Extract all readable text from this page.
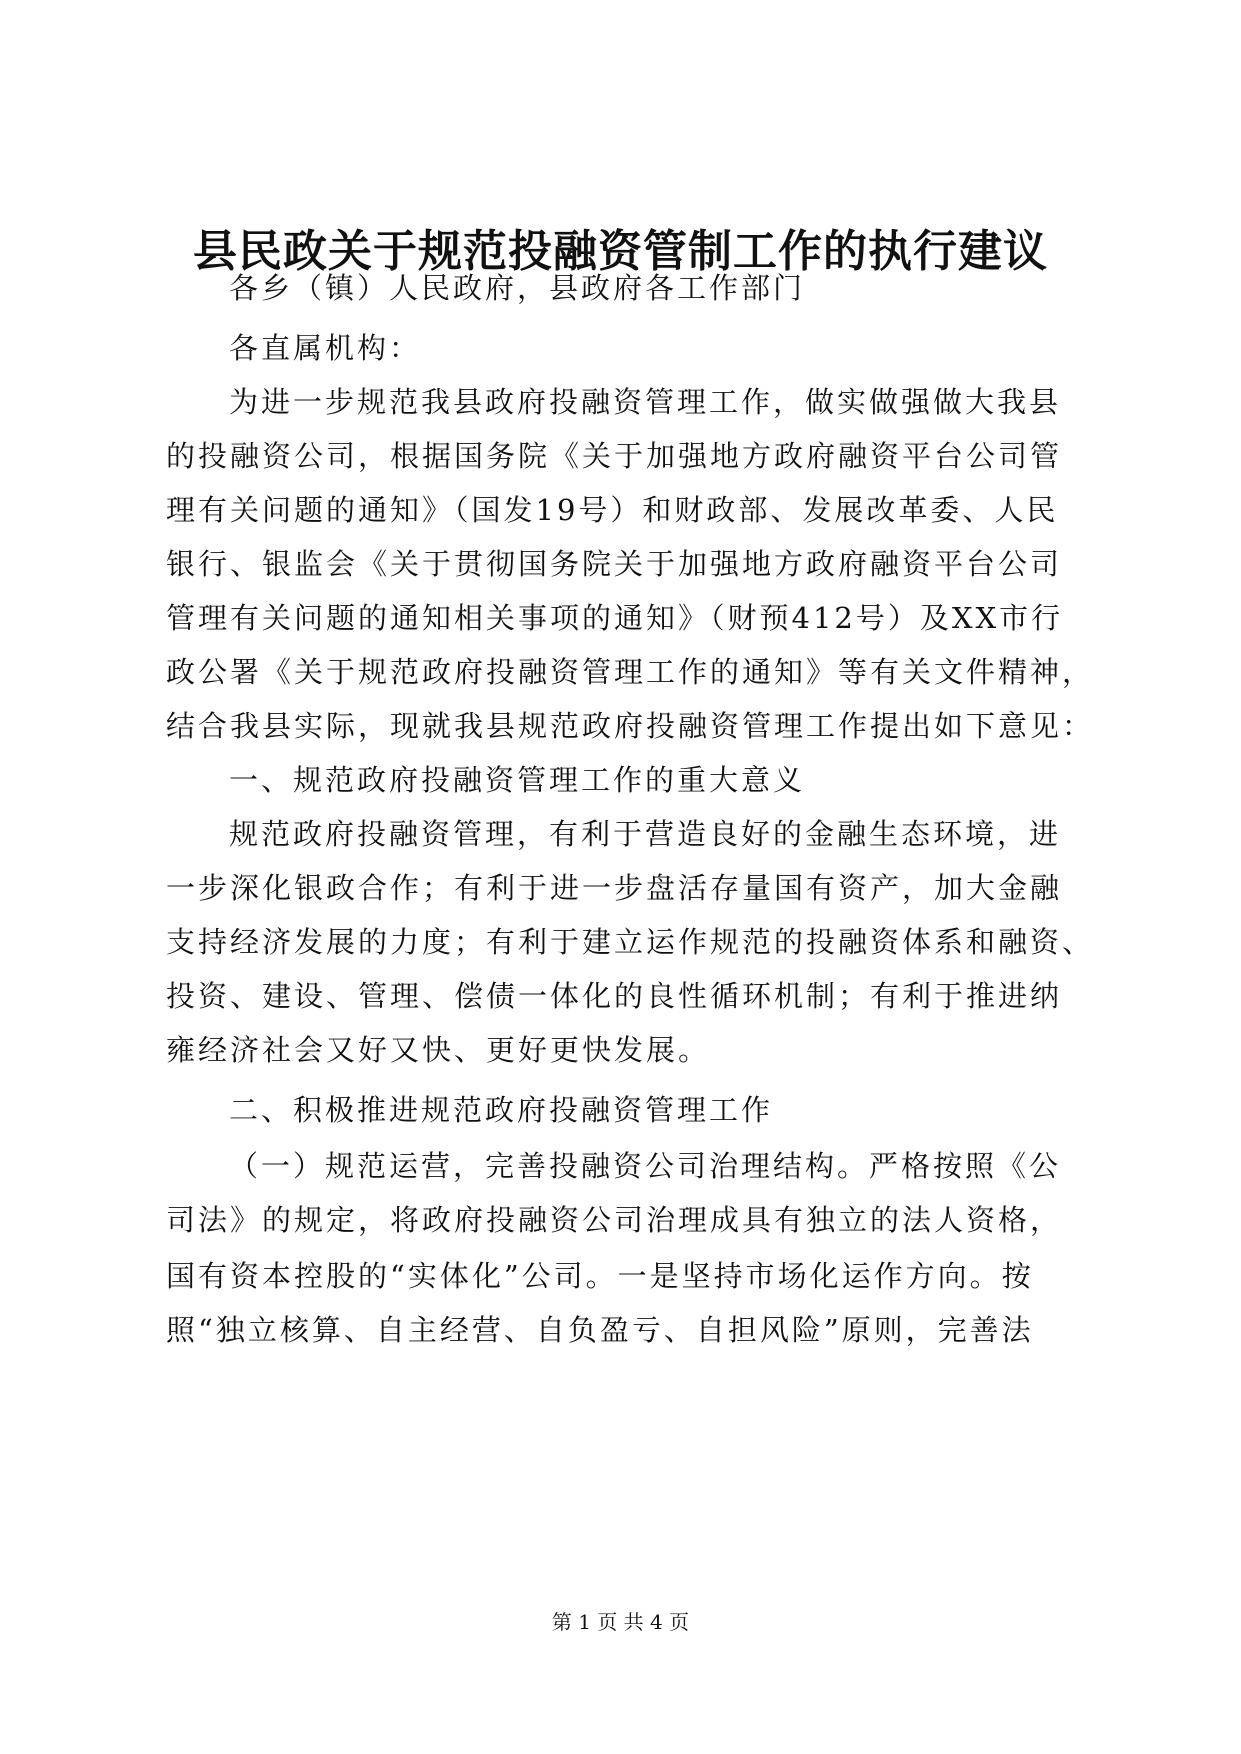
县民政关于规范投融资管制工作的执行建议
各乡（镇）人民政府，县政府各工作部门
各直属机构：
为进一步规范我县政府投融资管理工作，做实做强做大我县
的投融资公司，根据国务院《关于加强地方政府融资平台公司管
理有关问题的通知》（国发19号）和财政部、发展改革委、人民
银行、银监会《关于贯彻国务院关于加强地方政府融资平台公司
管理有关问题的通知相关事项的通知》（财预412号）及XX市行
政公署《关于规范政府投融资管理工作的通知》等有关文件精神，
结合我县实际，现就我县规范政府投融资管理工作提出如下意见：
一、规范政府投融资管理工作的重大意义
规范政府投融资管理，有利于营造良好的金融生态环境，进
一步深化银政合作；有利于进一步盘活存量国有资产，加大金融
支持经济发展的力度；有利于建立运作规范的投融资体系和融资、
投资、建设、管理、偿债一体化的良性循环机制；有利于推进纳
雍经济社会又好又快、更好更快发展。
二、积极推进规范政府投融资管理工作
（一）规范运营，完善投融资公司治理结构。严格按照《公
司法》的规定，将政府投融资公司治理成具有独立的法人资格，
国有资本控股的“实体化”公司。一是坚持市场化运作方向。按
照“独立核算、自主经营、自负盈亏、自担风险”原则，完善法
第 1 页 共 4 页
